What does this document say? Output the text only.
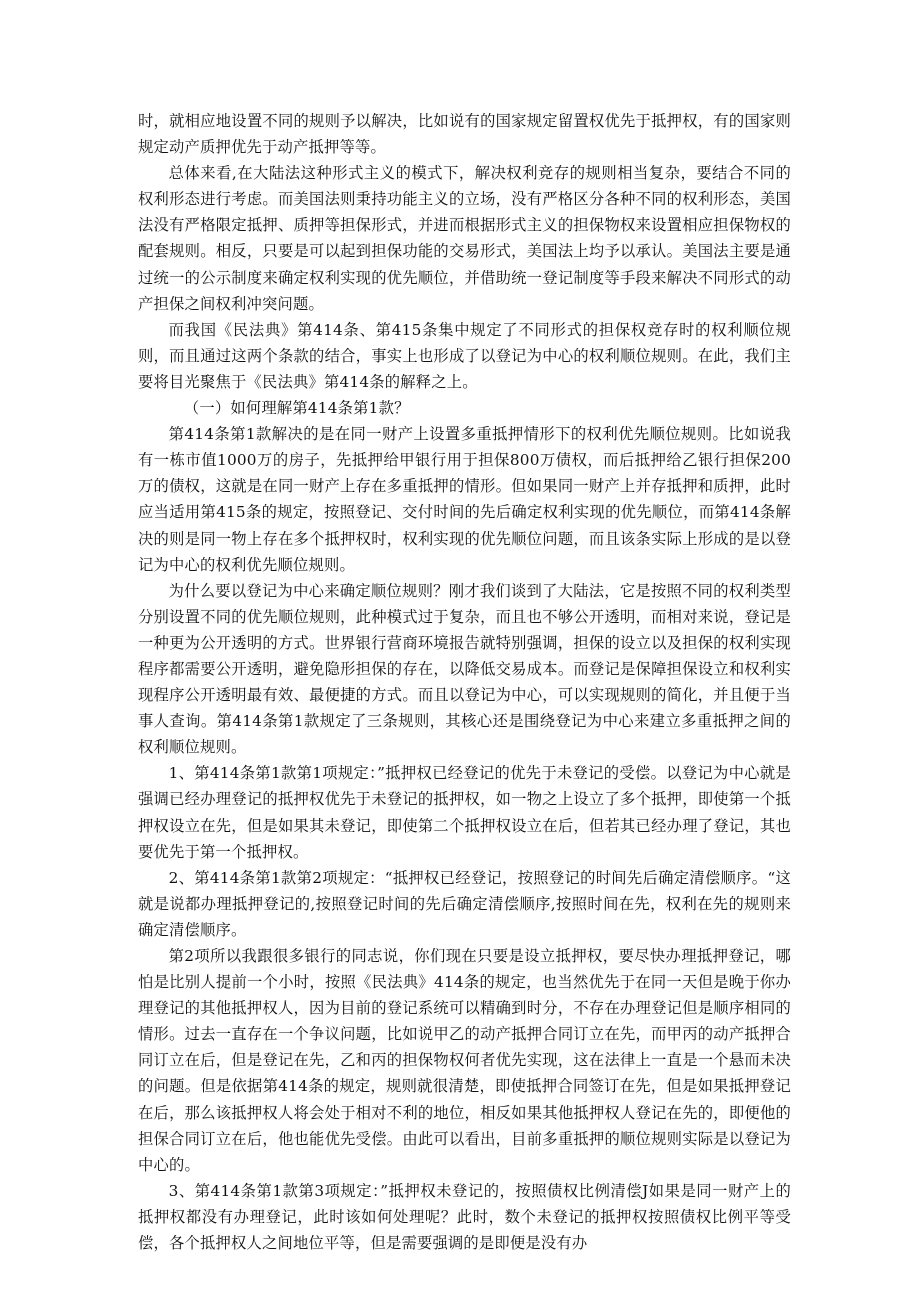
时，就相应地设置不同的规则予以解决，比如说有的国家规定留置权优先于抵押权，有的国家则规定动产质押优先于动产抵押等等。

总体来看,在大陆法这种形式主义的模式下，解决权利竞存的规则相当复杂，要结合不同的权利形态进行考虑。而美国法则秉持功能主义的立场，没有严格区分各种不同的权利形态，美国法没有严格限定抵押、质押等担保形式，并进而根据形式主义的担保物权来设置相应担保物权的配套规则。相反，只要是可以起到担保功能的交易形式，美国法上均予以承认。美国法主要是通过统一的公示制度来确定权利实现的优先顺位，并借助统一登记制度等手段来解决不同形式的动产担保之间权利冲突问题。

而我国《民法典》第414条、第415条集中规定了不同形式的担保权竞存时的权利顺位规则，而且通过这两个条款的结合，事实上也形成了以登记为中心的权利顺位规则。在此，我们主要将目光聚焦于《民法典》第414条的解释之上。

（一）如何理解第414条第1款？

第414条第1款解决的是在同一财产上设置多重抵押情形下的权利优先顺位规则。比如说我有一栋市值1000万的房子，先抵押给甲银行用于担保800万债权，而后抵押给乙银行担保200万的债权，这就是在同一财产上存在多重抵押的情形。但如果同一财产上并存抵押和质押，此时应当适用第415条的规定，按照登记、交付时间的先后确定权利实现的优先顺位，而第414条解决的则是同一物上存在多个抵押权时，权利实现的优先顺位问题，而且该条实际上形成的是以登记为中心的权利优先顺位规则。

为什么要以登记为中心来确定顺位规则？刚才我们谈到了大陆法，它是按照不同的权利类型分别设置不同的优先顺位规则，此种模式过于复杂，而且也不够公开透明，而相对来说，登记是一种更为公开透明的方式。世界银行营商环境报告就特别强调，担保的设立以及担保的权利实现程序都需要公开透明，避免隐形担保的存在，以降低交易成本。而登记是保障担保设立和权利实现程序公开透明最有效、最便捷的方式。而且以登记为中心，可以实现规则的简化，并且便于当事人查询。第414条第1款规定了三条规则，其核心还是围绕登记为中心来建立多重抵押之间的权利顺位规则。

1、第414条第1款第1项规定：”抵押权已经登记的优先于未登记的受偿。以登记为中心就是强调已经办理登记的抵押权优先于未登记的抵押权，如一物之上设立了多个抵押，即使第一个抵押权设立在先，但是如果其未登记，即使第二个抵押权设立在后，但若其已经办理了登记，其也要优先于第一个抵押权。

2、第414条第1款第2项规定：“抵押权已经登记，按照登记的时间先后确定清偿顺序。“这就是说都办理抵押登记的,按照登记时间的先后确定清偿顺序,按照时间在先，权利在先的规则来确定清偿顺序。

第2项所以我跟很多银行的同志说，你们现在只要是设立抵押权，要尽快办理抵押登记，哪怕是比别人提前一个小时，按照《民法典》414条的规定，也当然优先于在同一天但是晚于你办理登记的其他抵押权人，因为目前的登记系统可以精确到时分，不存在办理登记但是顺序相同的情形。过去一直存在一个争议问题，比如说甲乙的动产抵押合同订立在先，而甲丙的动产抵押合同订立在后，但是登记在先，乙和丙的担保物权何者优先实现，这在法律上一直是一个悬而未决的问题。但是依据第414条的规定，规则就很清楚，即使抵押合同签订在先，但是如果抵押登记在后，那么该抵押权人将会处于相对不利的地位，相反如果其他抵押权人登记在先的，即便他的担保合同订立在后，他也能优先受偿。由此可以看出，目前多重抵押的顺位规则实际是以登记为中心的。

3、第414条第1款第3项规定：”抵押权未登记的，按照债权比例清偿J如果是同一财产上的抵押权都没有办理登记，此时该如何处理呢？此时，数个未登记的抵押权按照债权比例平等受偿，各个抵押权人之间地位平等，但是需要强调的是即便是没有办
